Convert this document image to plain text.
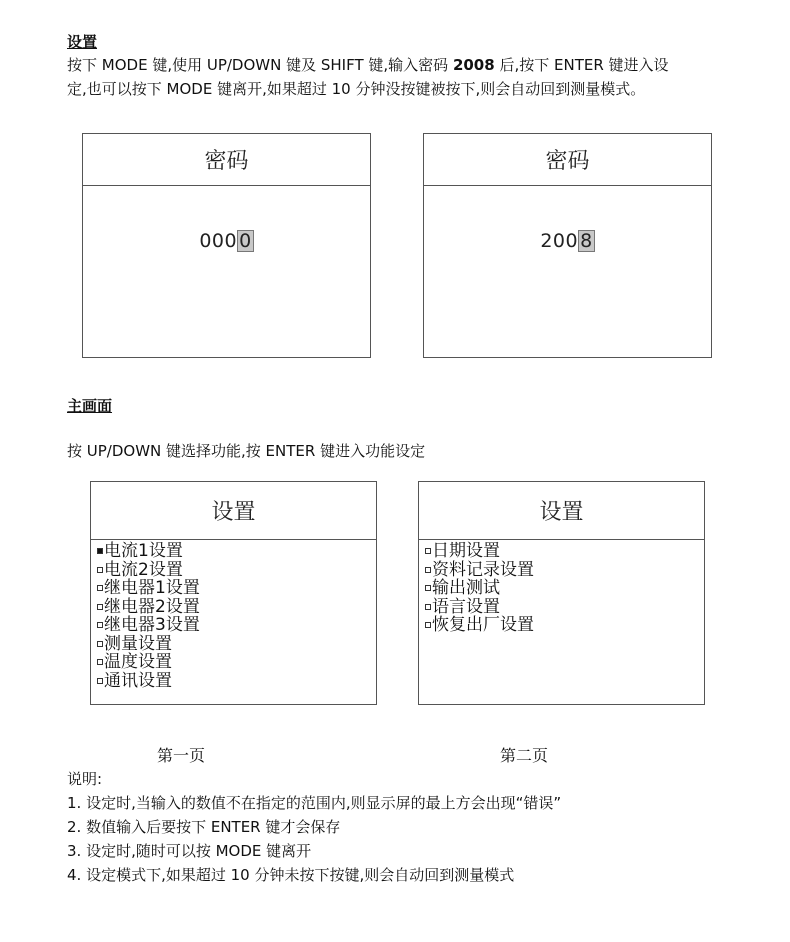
设置
按下 MODE 键,使用 UP/DOWN 键及 SHIFT 键,输入密码 2008 后,按下 ENTER 键进入设
定,也可以按下 MODE 键离开,如果超过 10 分钟没按键被按下,则会自动回到测量模式。
密码
000 0
密码
200 8
主画面
按 UP/DOWN 键选择功能,按 ENTER 键进入功能设定
设置
电流1设置
电流2设置
继电器1设置
继电器2设置
继电器3设置
测量设置
温度设置
通讯设置
设置
日期设置
资料记录设置
输出测试
语言设置
恢复出厂设置
第一页	第二页
说明:
1. 设定时,当输入的数值不在指定的范围内,则显示屏的最上方会出现“错误”
2. 数值输入后要按下 ENTER 键才会保存
3. 设定时,随时可以按 MODE 键离开
4. 设定模式下,如果超过 10 分钟未按下按键,则会自动回到测量模式
